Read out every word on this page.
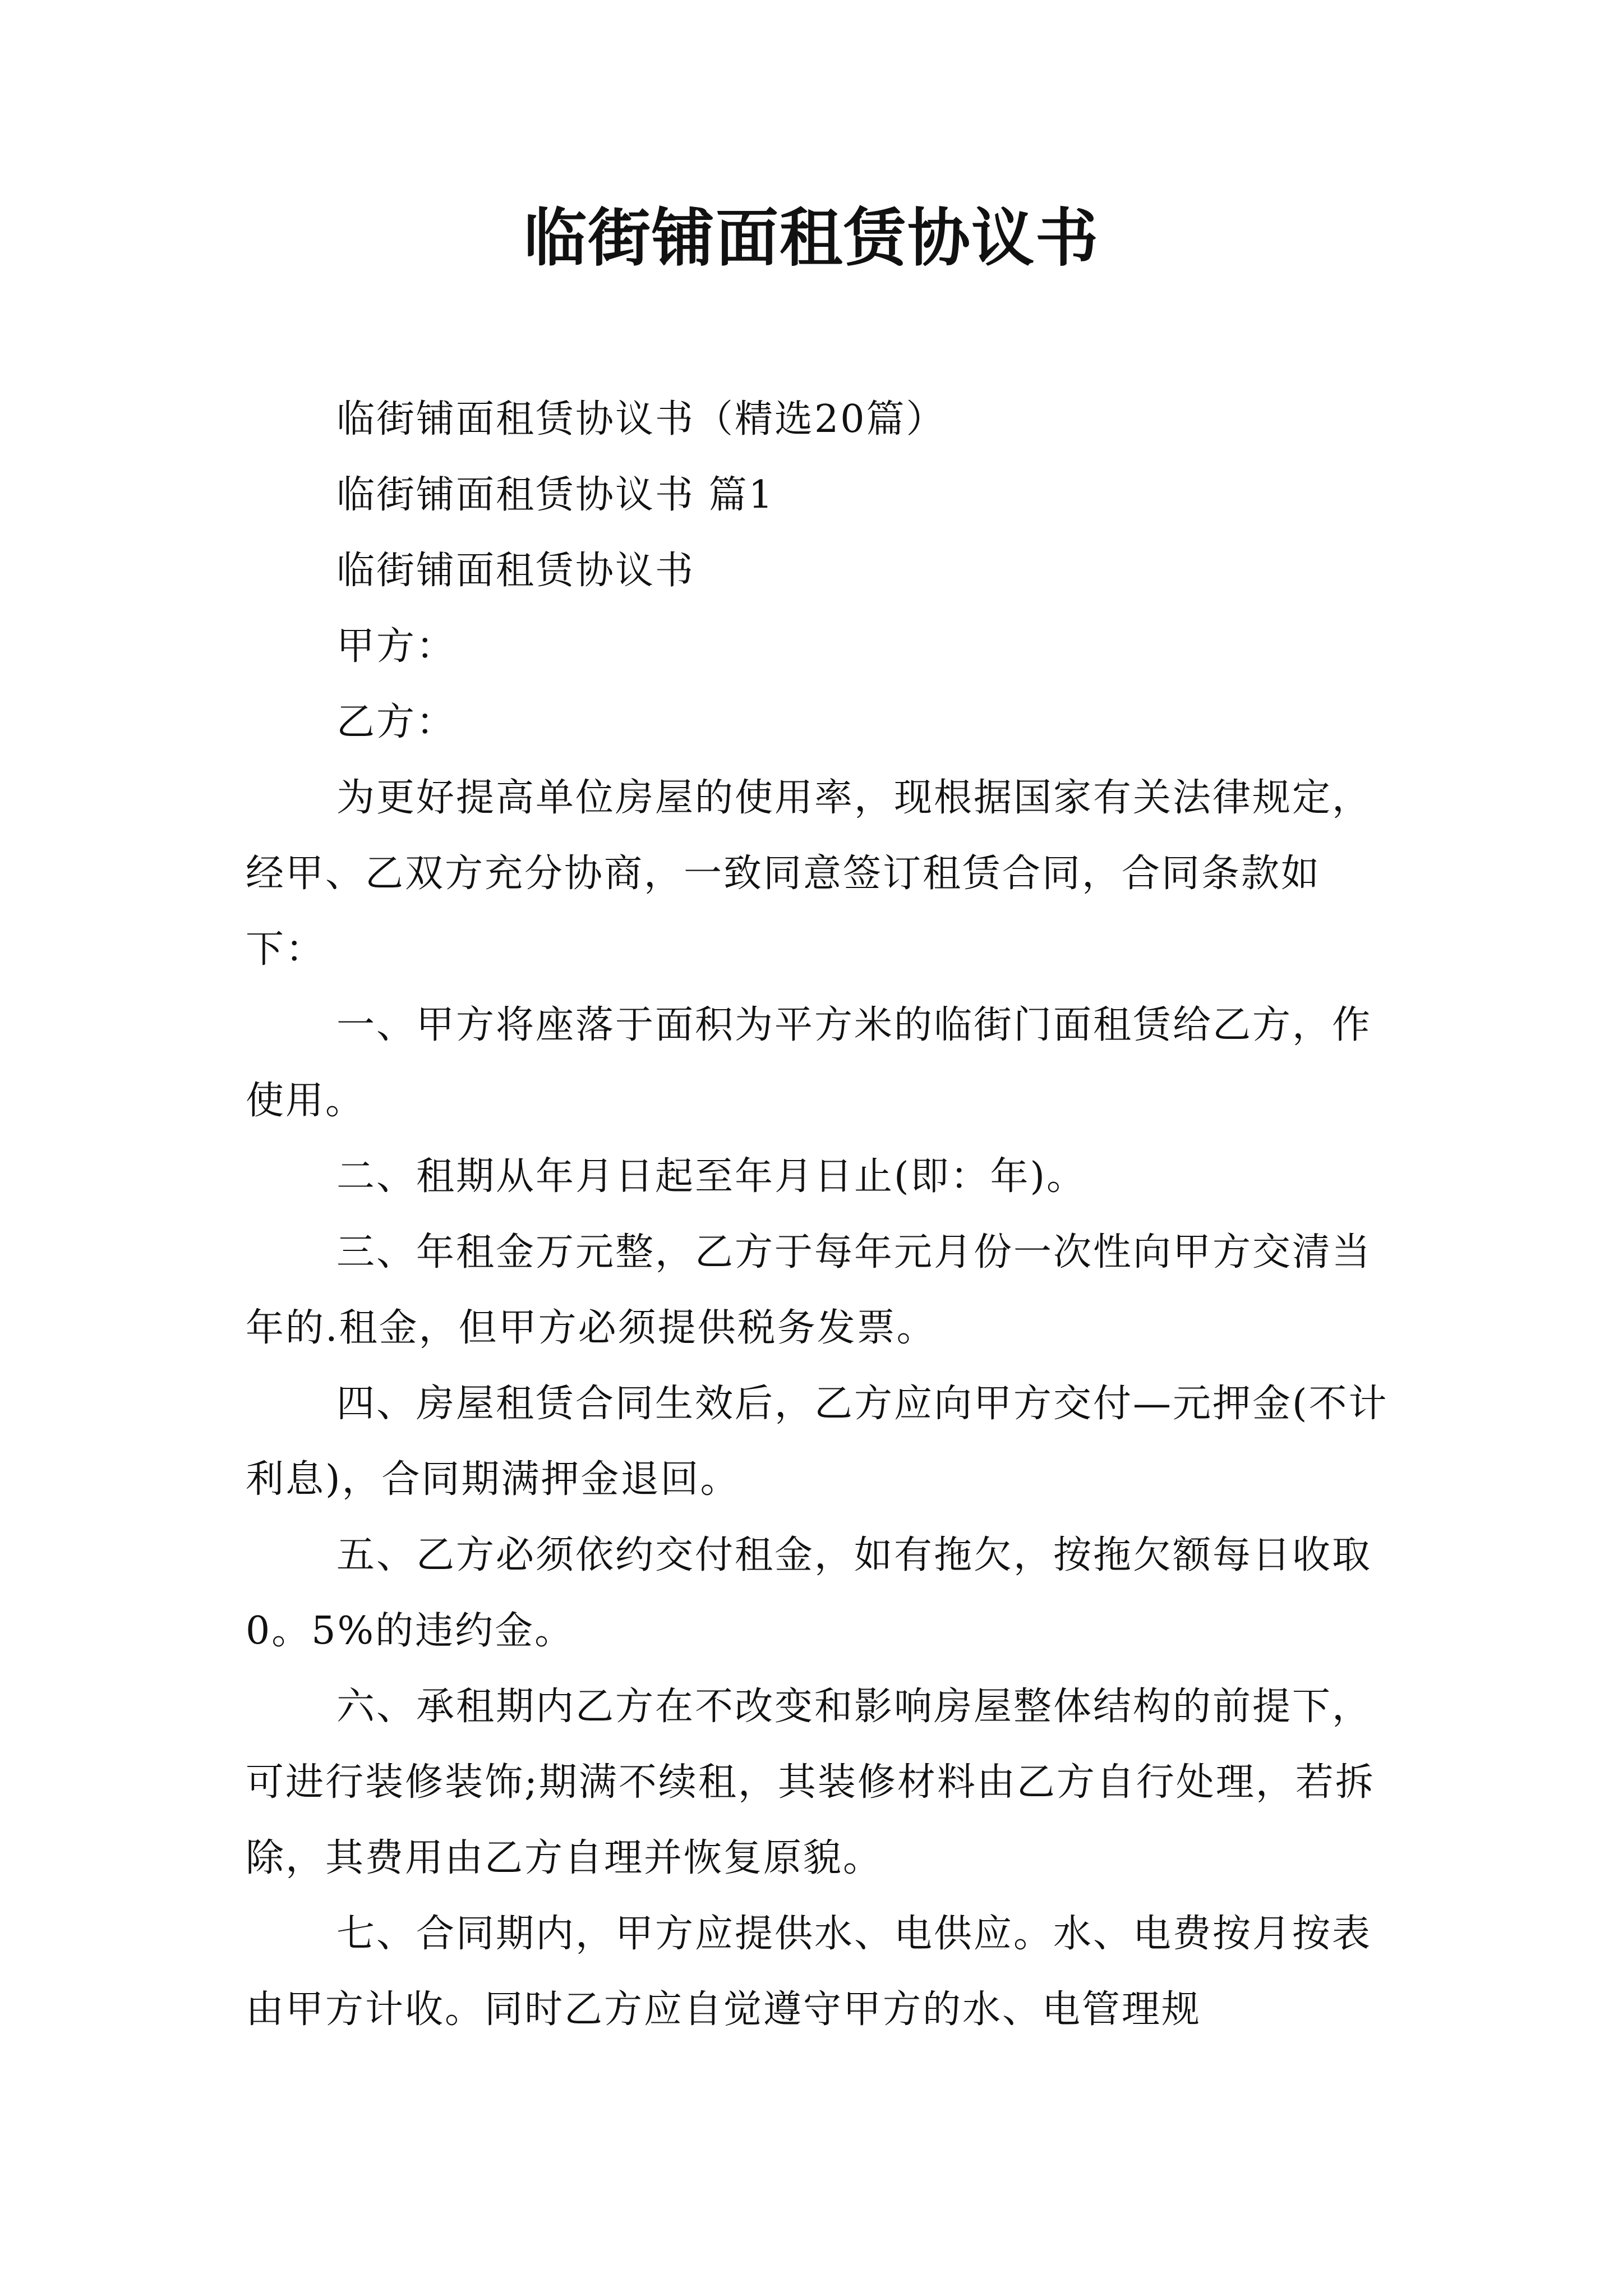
临街铺面租赁协议书

临街铺面租赁协议书（精选20篇）

临街铺面租赁协议书 篇1

临街铺面租赁协议书

甲方：

乙方：

为更好提高单位房屋的使用率，现根据国家有关法律规定，经甲、乙双方充分协商，一致同意签订租赁合同，合同条款如下：

一、甲方将座落于面积为平方米的临街门面租赁给乙方，作使用。

二、租期从年月日起至年月日止(即：年)。

三、年租金万元整，乙方于每年元月份一次性向甲方交清当年的.租金，但甲方必须提供税务发票。

四、房屋租赁合同生效后，乙方应向甲方交付—元押金(不计利息)，合同期满押金退回。

五、乙方必须依约交付租金，如有拖欠，按拖欠额每日收取0。5%的违约金。

六、承租期内乙方在不改变和影响房屋整体结构的前提下，可进行装修装饰;期满不续租，其装修材料由乙方自行处理，若拆除，其费用由乙方自理并恢复原貌。

七、合同期内，甲方应提供水、电供应。水、电费按月按表由甲方计收。同时乙方应自觉遵守甲方的水、电管理规
